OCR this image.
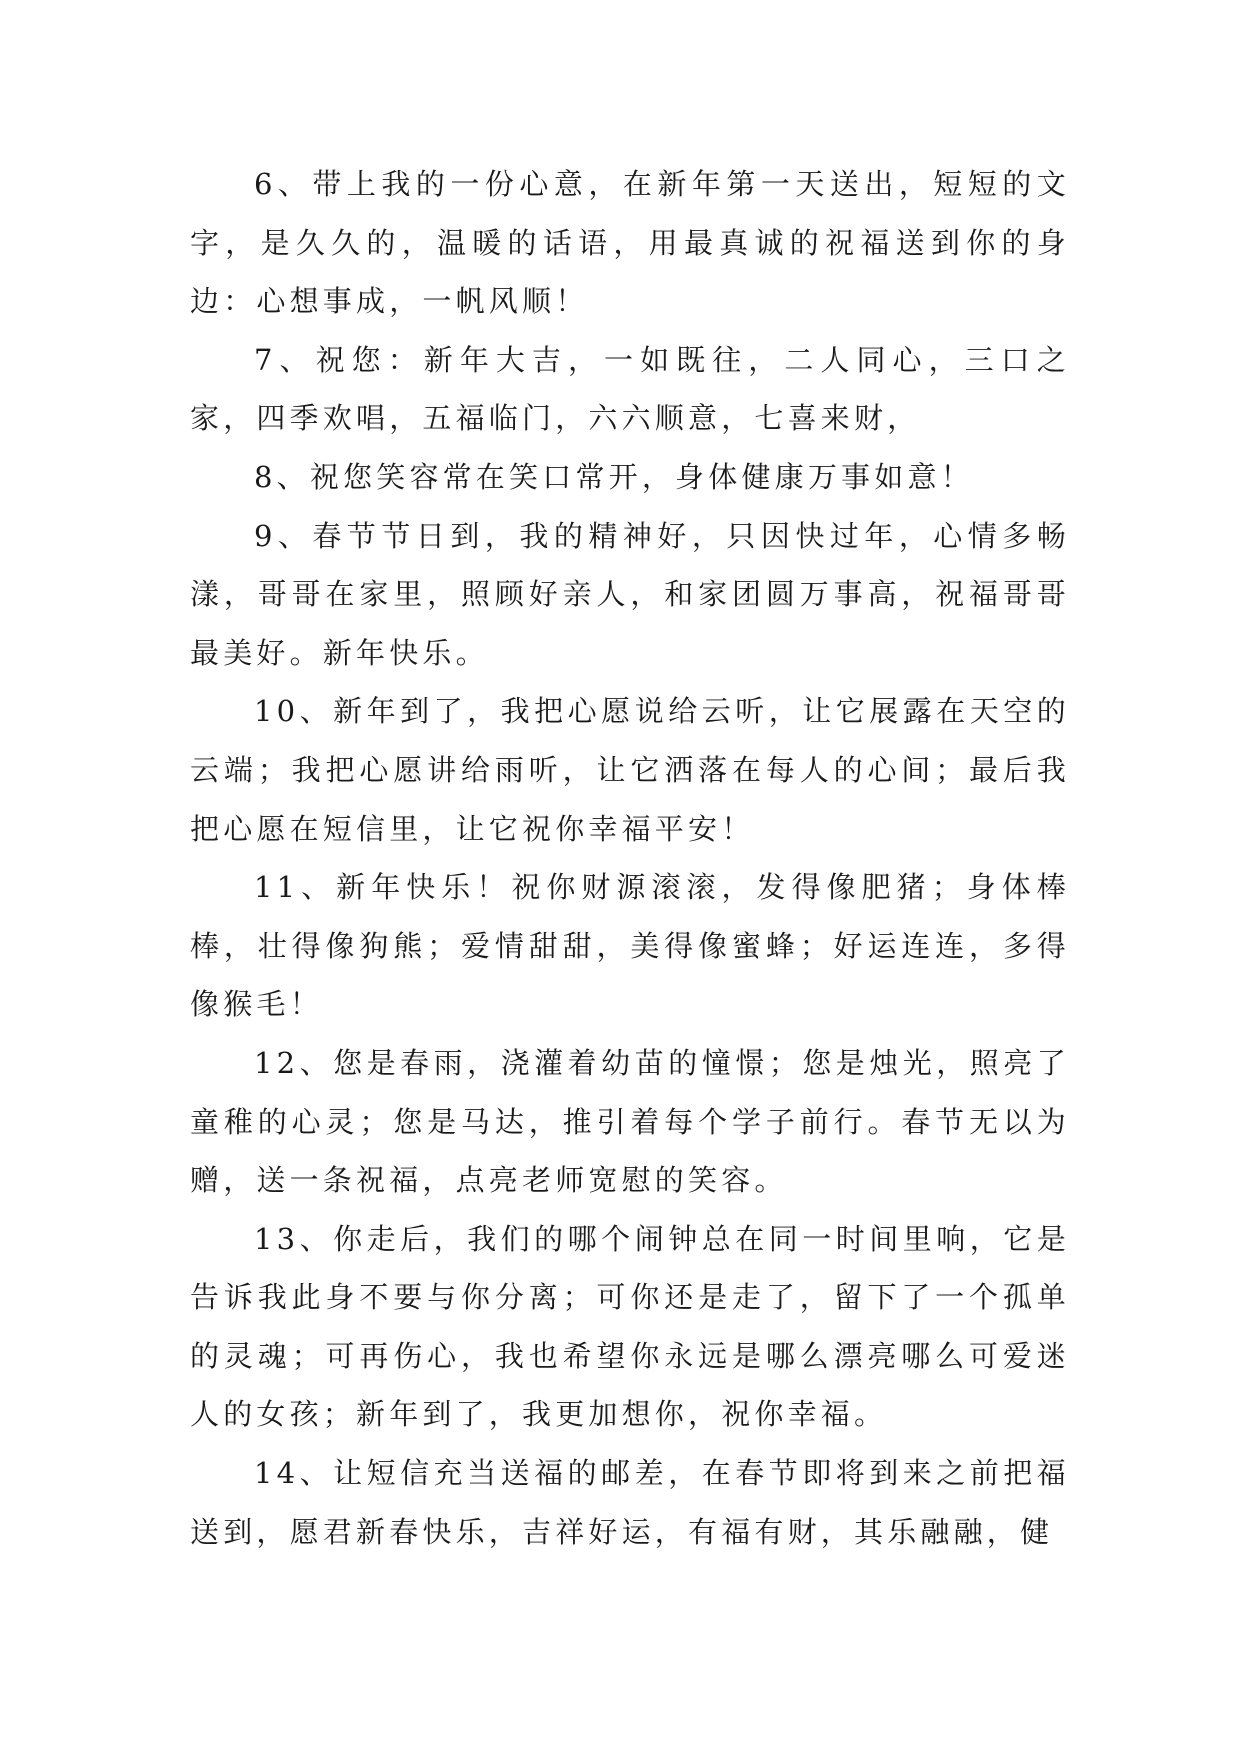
6、带上我的一份心意，在新年第一天送出，短短的文字，是久久的，温暖的话语，用最真诚的祝福送到你的身边：心想事成，一帆风顺！

7、祝您：新年大吉，一如既往，二人同心，三口之家，四季欢唱，五福临门，六六顺意，七喜来财，

8、祝您笑容常在笑口常开，身体健康万事如意！

9、春节节日到，我的精神好，只因快过年，心情多畅漾，哥哥在家里，照顾好亲人，和家团圆万事高，祝福哥哥最美好。新年快乐。

10、新年到了，我把心愿说给云听，让它展露在天空的云端；我把心愿讲给雨听，让它洒落在每人的心间；最后我把心愿在短信里，让它祝你幸福平安！

11、新年快乐！祝你财源滚滚，发得像肥猪；身体棒棒，壮得像狗熊；爱情甜甜，美得像蜜蜂；好运连连，多得像猴毛！

12、您是春雨，浇灌着幼苗的憧憬；您是烛光，照亮了童稚的心灵；您是马达，推引着每个学子前行。春节无以为赠，送一条祝福，点亮老师宽慰的笑容。

13、你走后，我们的哪个闹钟总在同一时间里响，它是告诉我此身不要与你分离；可你还是走了，留下了一个孤单的灵魂；可再伤心，我也希望你永远是哪么漂亮哪么可爱迷人的女孩；新年到了，我更加想你，祝你幸福。

14、让短信充当送福的邮差，在春节即将到来之前把福送到，愿君新春快乐，吉祥好运，有福有财，其乐融融，健
